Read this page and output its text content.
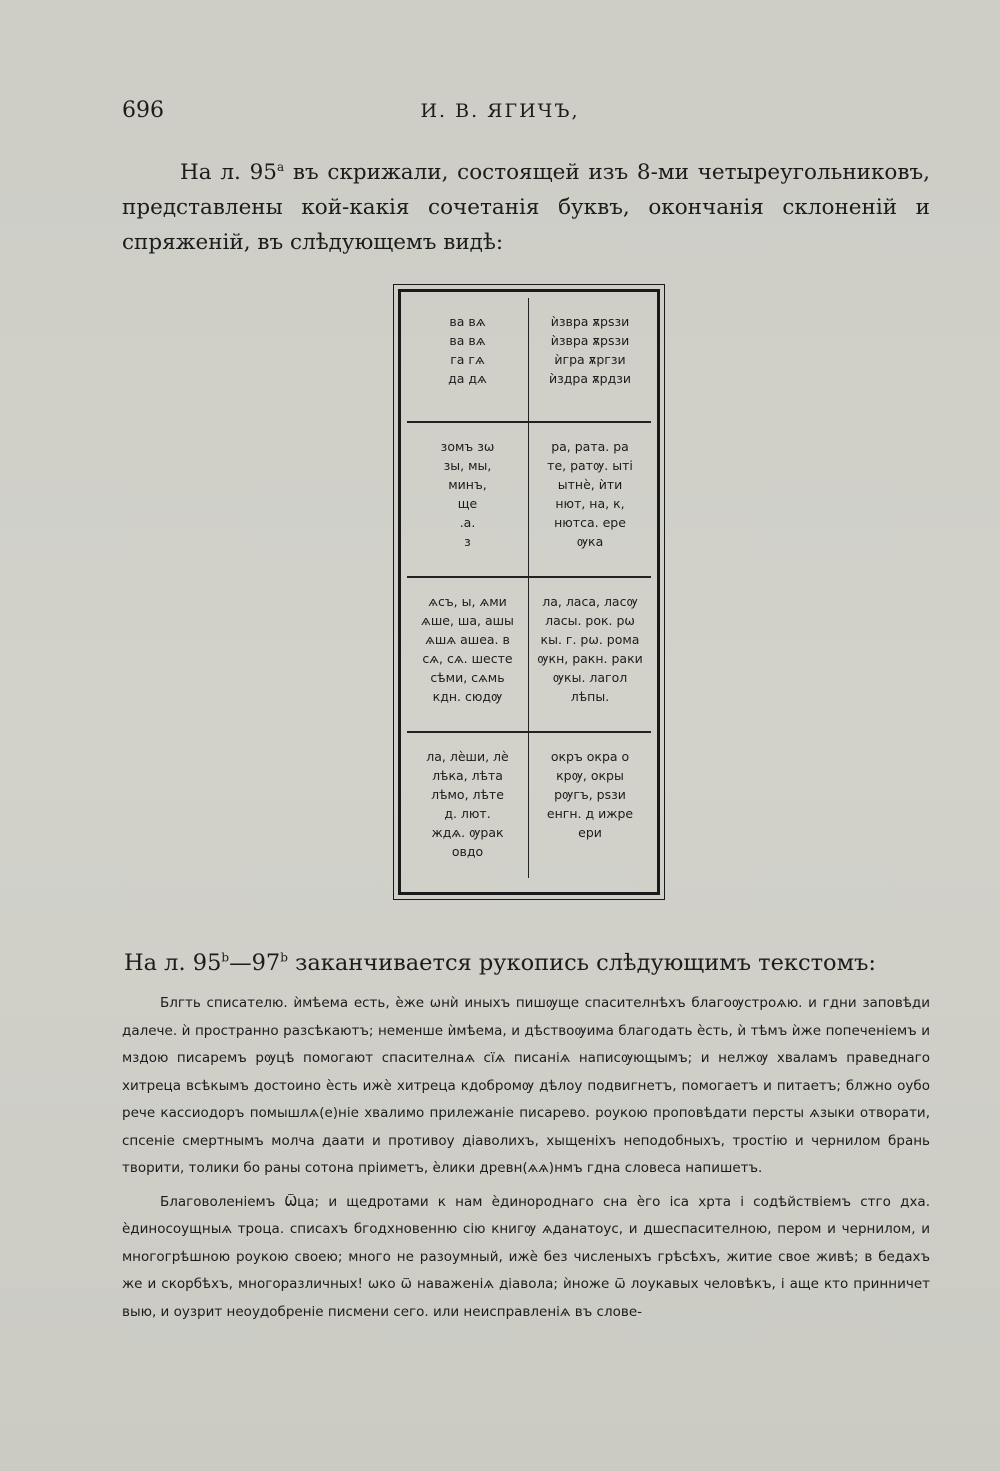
696	И. В. ЯГИЧЪ,

На л. 95$^a$ въ скрижали, состоящей изъ 8-ми четыреугольниковъ, представлены кой-какія сочетанія буквъ, окончанія склоненій и спряженій, въ слѣдующемъ видѣ:

ва вѧ
ва вѧ
га гѧ
да дѧ
ѝзвра ѫрѕзи
ѝзвра ѫрѕзи
ѝгра ѫргзи
ѝздра ѫрдзи
зомъ зѡ
зы, мы,
минъ,
ще
.а.
з
ра, рата. ра
те, ратѹ. ыті
ытнѐ, ѝти
нют, на, к,
нютса. ере
ѹка
ѧсъ, ы, ѧми
ѧше, ша, ашы
ѧшѧ ашеа. в
сѧ, сѧ. шесте
сѣми, сѧмь
кдн. сюдѹ
ла, ласа, ласѹ
ласы. рок. рѡ
кы. г. рѡ. рома
ѹкн, ракн. раки
ѹкы. лагол
лѣпы.
ла, лѐши, лѐ
лѣка, лѣта
лѣмо, лѣте
д. лют.
ждѧ. ѹрак
овдо
окръ окра о
крѹ, окры
рѹгъ, рѕзи
енгн. д ижре
ери
На л. 95$^b$—97$^b$ заканчивается рукопись слѣдующимъ текстомъ:

Блгть списателю. ѝмѣема есть, ѐже ѡнѝ иныхъ пишѹще спасителнѣхъ благоѹстроѧю. и гдни заповѣди далече. ѝ пространно разсѣкаютъ; неменше ѝмѣема, и дѣствоѹима благодать ѐсть, ѝ тѣмъ ѝже попеченіемъ и мздою писаремъ рѹцѣ помогают спасителнаѧ сїѧ писаніѧ написѹющымъ; и нелжѹ хваламъ праведнаго хитреца всѣкымъ достоино ѐсть ижѐ хитреца кдобромѹ дѣлоу подвигнетъ, помогаетъ и питаетъ; блжно оубо рече кассиодоръ помышлѧ(е)ніе хвалимо прилежаніе писарево. роукою проповѣдати персты ѧзыки отворати, спсеніе смертнымъ молча даати и противоу діаволихъ, хыщеніхъ неподобныхъ, тростію и чернилом брань творити, толики бо раны сотона пріиметъ, ѐлики древн(ѧѧ)нмъ гдна словеса напишетъ.

Благоволеніемъ Ѿца; и щедротами к нам ѐдинороднаго сна ѐго іса хрта і содѣйствіемъ стго дха. ѐдиносоущныѧ троца. списахъ бгодхновенню сію книгѹ ѧданатоус, и дшеспасителною, пером и чернилом, и многогрѣшною роукою своею; много не разоумный, ижѐ без численыхъ грѣсѣхъ, житие свое живѣ; в бедахъ же и скорбѣхъ, многоразличных! ѡко ѿ наваженіѧ діавола; ѝноже ѿ лоукавых человѣкъ, і аще кто принничет выю, и оузрит неоудобреніе писмени сего. или неисправленіѧ въ слове-
